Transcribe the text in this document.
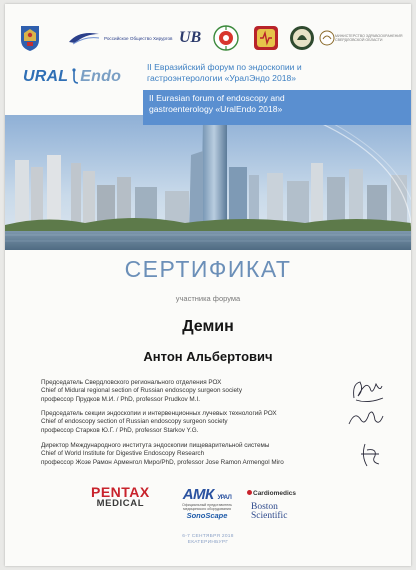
Российское Общество Хирургов UB	МИНИСТЕРСТВО ЗДРАВООХРАНЕНИЯ СВЕРДЛОВСКОЙ ОБЛАСТИ
URAL Endo
II Евразийский форум по эндоскопии и
гастроэнтерологии «УралЭндо 2018»
II Eurasian forum of endoscopy and
gastroenterology «UralEndo 2018»
СЕРТИФИКАТ
участника форума
Демин
Антон Альбертович
Председатель Свердловского регионального отделения РОХ
Chief of Midural regional section of Russian endoscopy surgeon society
профессор Прудков М.И. / PhD, professor Prudkov M.I.
Председатель секции эндоскопии и интервенционных лучевых технологий РОХ
Chief of endoscopy section of Russian endoscopy surgeon society
профессор Старков Ю.Г. / PhD, professor Starkov Y.G.
Директор Международного института эндоскопии пищеварительной системы
Chief of World Institute for Digestive Endoscopy Research
профессор Жозе Рамон Арменгол Миро/PhD, professor Jose Ramon Armengol Miro
PENTAX
MEDICAL
АМК УРАЛ
Официальный представитель
медицинского оборудования
SonoScape
Cardiomedics
Boston
Scientific
6-7 СЕНТЯБРЯ 2018
ЕКАТЕРИНБУРГ
